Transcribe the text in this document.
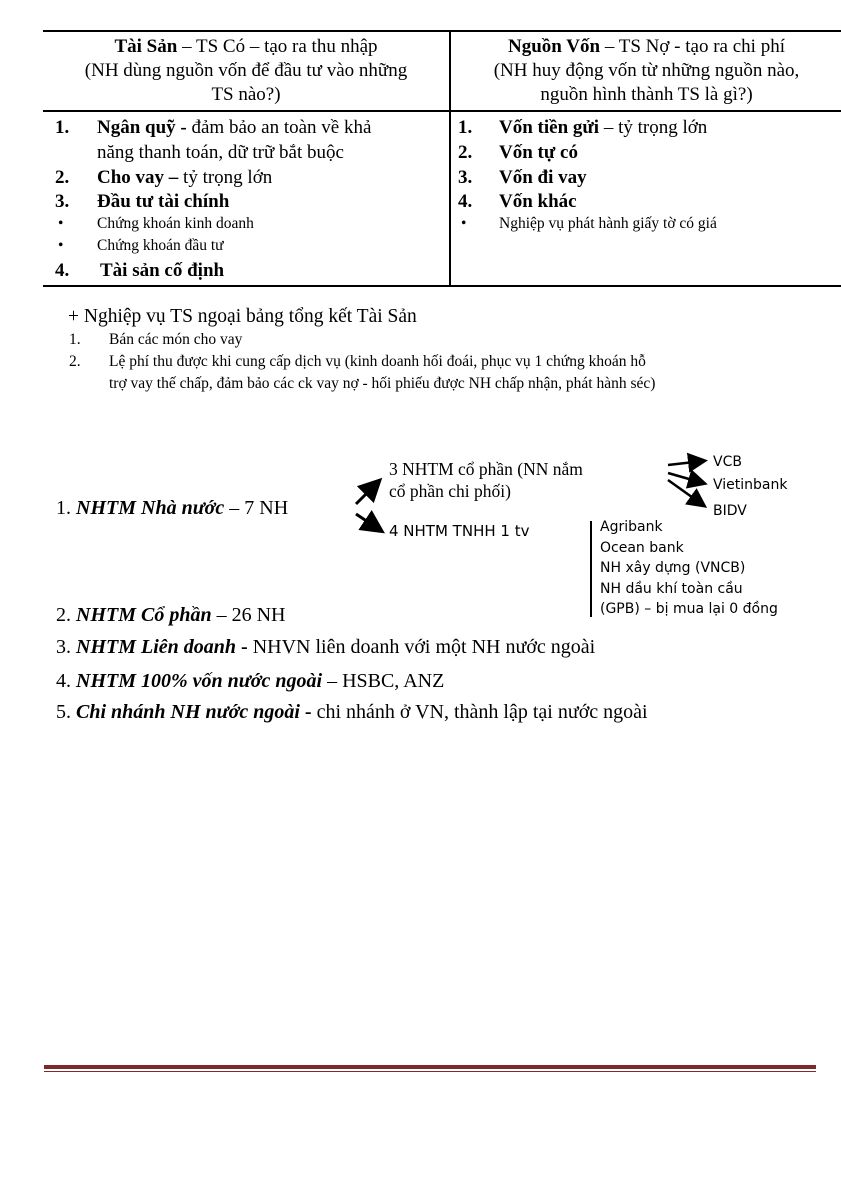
Tài Sản – TS Có – tạo ra thu nhập
(NH dùng nguồn vốn để đầu tư vào những
TS nào?)
Nguồn Vốn – TS Nợ - tạo ra chi phí
(NH huy động vốn từ những nguồn nào,
nguồn hình thành TS là gì?)
1. Ngân quỹ - đảm bảo an toàn về khả
năng thanh toán, dữ trữ bắt buộc
2. Cho vay – tỷ trọng lớn
3. Đầu tư tài chính
• Chứng khoán kinh doanh
• Chứng khoán đầu tư
4. Tài sản cố định
1. Vốn tiền gửi – tỷ trọng lớn
2. Vốn tự có
3. Vốn đi vay
4. Vốn khác
• Nghiệp vụ phát hành giấy tờ có giá
+ Nghiệp vụ TS ngoại bảng tổng kết Tài Sản
1. Bán các món cho vay
2. Lệ phí thu được khi cung cấp dịch vụ (kinh doanh hối đoái, phục vụ 1 chứng khoán hỗ
trợ vay thế chấp, đảm bảo các ck vay nợ - hối phiếu được NH chấp nhận, phát hành séc)
1. NHTM Nhà nước – 7 NH
3 NHTM cổ phần (NN nắm
cổ phần chi phối)
VCB
Vietinbank
BIDV
4 NHTM TNHH 1 tv	Agribank
Ocean bank
NH xây dựng (VNCB)
NH dầu khí toàn cầu
(GPB) – bị mua lại 0 đồng
2. NHTM Cổ phần – 26 NH
3. NHTM Liên doanh - NHVN liên doanh với một NH nước ngoài
4. NHTM 100% vốn nước ngoài – HSBC, ANZ
5. Chi nhánh NH nước ngoài - chi nhánh ở VN, thành lập tại nước ngoài
